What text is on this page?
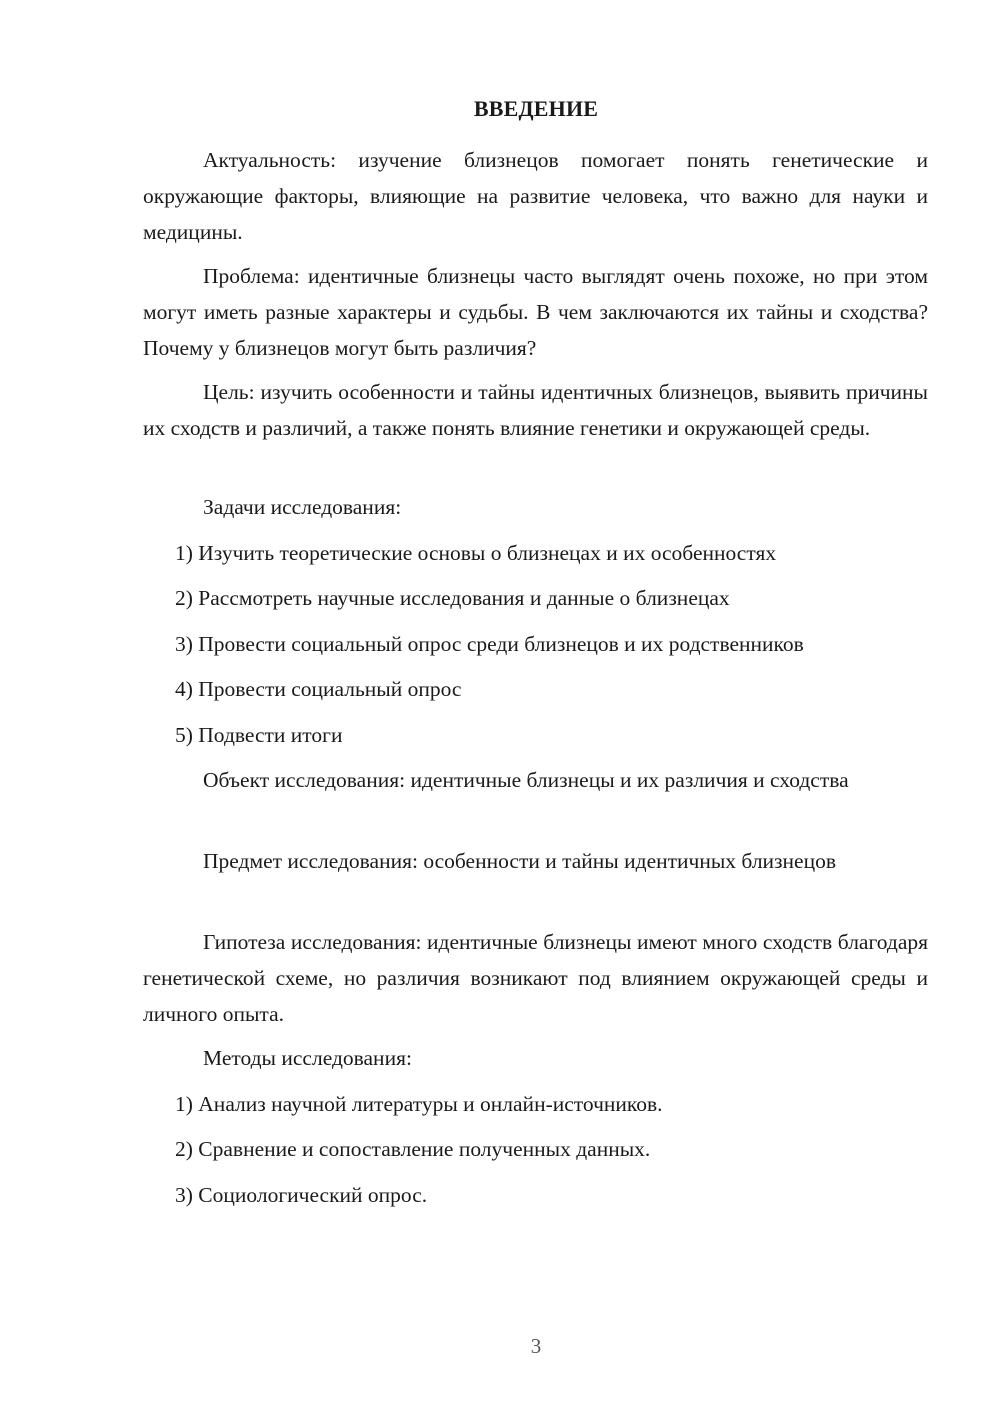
ВВЕДЕНИЕ

Актуальность: изучение близнецов помогает понять генетические и окружающие факторы, влияющие на развитие человека, что важно для науки и медицины.

Проблема: идентичные близнецы часто выглядят очень похоже, но при этом могут иметь разные характеры и судьбы. В чем заключаются их тайны и сходства? Почему у близнецов могут быть различия?

Цель: изучить особенности и тайны идентичных близнецов, выявить причины их сходств и различий, а также понять влияние генетики и окружающей среды.

Задачи исследования:
1) Изучить теоретические основы о близнецах и их особенностях
2) Рассмотреть научные исследования и данные о близнецах
3) Провести социальный опрос среди близнецов и их родственников
4) Провести социальный опрос
5) Подвести итоги

Объект исследования: идентичные близнецы и их различия и сходства

Предмет исследования: особенности и тайны идентичных близнецов

Гипотеза исследования: идентичные близнецы имеют много сходств благодаря генетической схеме, но различия возникают под влиянием окружающей среды и личного опыта.

Методы исследования:
1) Анализ научной литературы и онлайн-источников.
2) Сравнение и сопоставление полученных данных.
3) Социологический опрос.
3
